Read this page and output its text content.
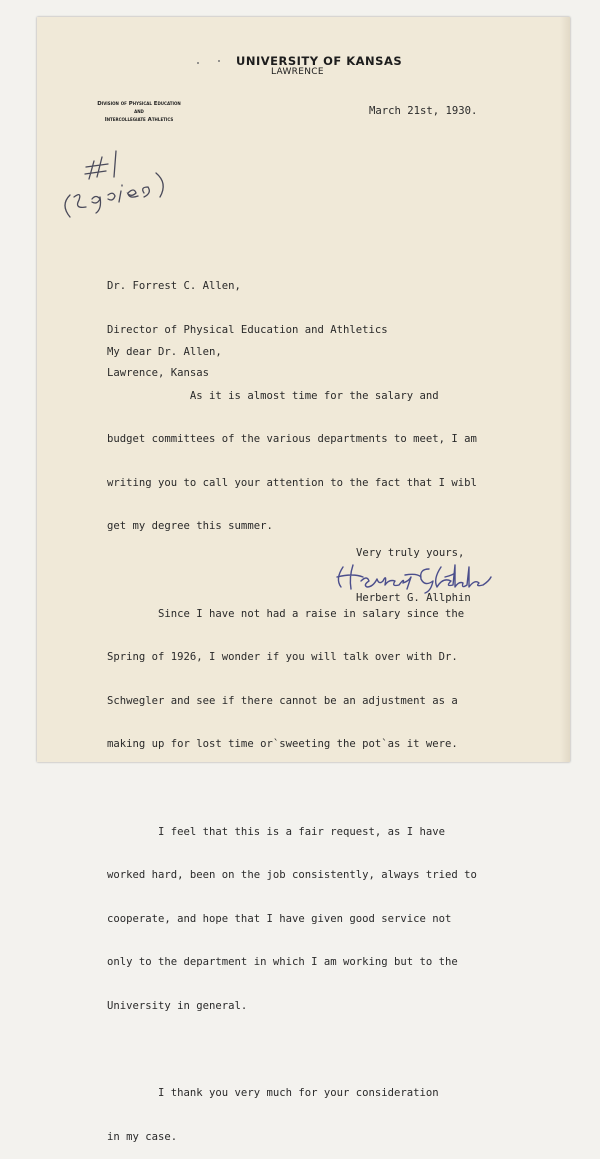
UNIVERSITY OF KANSAS
LAWRENCE
Division of Physical Education
and
Intercollegiate Athletics
March 21st, 1930.
#1 (2 copies)

Dr. Forrest C. Allen,

Director of Physical Education and Athletics

Lawrence, Kansas

My dear Dr. Allen,

As it is almost time for the salary and

budget committees of the various departments to meet, I am

writing you to call your attention to the fact that I wibl

get my degree this summer.

Since I have not had a raise in salary since the

Spring of 1926, I wonder if you will talk over with Dr.

Schwegler and see if there cannot be an adjustment as a

making up for lost time or`sweeting the pot`as it were.

I feel that this is a fair request, as I have

worked hard, been on the job consistently, always tried to

cooperate, and hope that I have given good service not

only to the department in which I am working but to the

University in general.

I thank you very much for your consideration

in my case.

Very truly yours,
Herbert G. Allphin
Herbert G. Allphin
